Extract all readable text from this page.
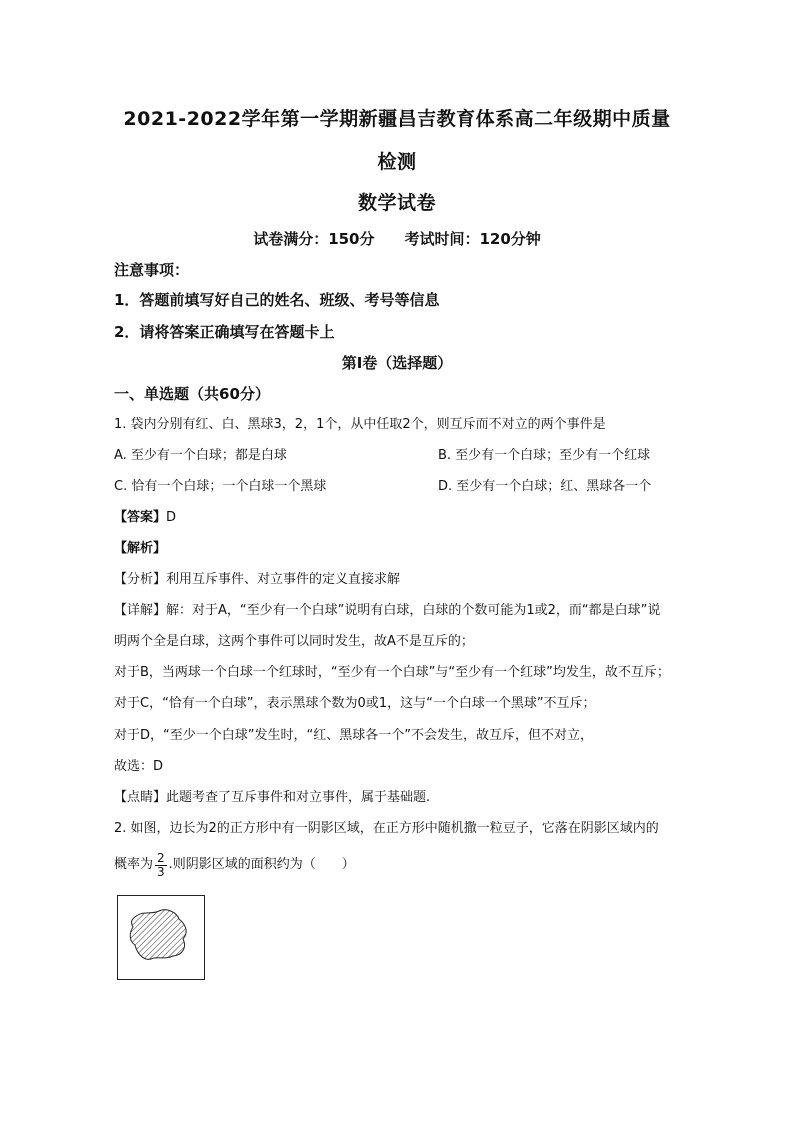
2021-2022学年第一学期新疆昌吉教育体系高二年级期中质量
检测
数学试卷
试卷满分：150分　　考试时间：120分钟
注意事项：
1．答题前填写好自己的姓名、班级、考号等信息
2．请将答案正确填写在答题卡上
第Ⅰ卷（选择题）
一、单选题（共60分）
1. 袋内分别有红、白、黑球3，2，1个，从中任取2个，则互斥而不对立的两个事件是
A. 至少有一个白球；都是白球	B. 至少有一个白球；至少有一个红球
C. 恰有一个白球；一个白球一个黑球	D. 至少有一个白球；红、黑球各一个
【答案】D
【解析】
【分析】利用互斥事件、对立事件的定义直接求解
【详解】解：对于A，“至少有一个白球”说明有白球，白球的个数可能为1或2，而“都是白球”说
明两个全是白球，这两个事件可以同时发生，故A不是互斥的；
对于B，当两球一个白球一个红球时，“至少有一个白球”与“至少有一个红球”均发生，故不互斥；
对于C，“恰有一个白球”，表示黑球个数为0或1，这与“一个白球一个黑球”不互斥；
对于D，“至少一个白球”发生时，“红、黑球各一个”不会发生，故互斥，但不对立，
故选：D
【点睛】此题考查了互斥事件和对立事件，属于基础题.
2. 如图，边长为2的正方形中有一阴影区域，在正方形中随机撒一粒豆子，它落在阴影区域内的
概率为 $\frac{2}{3}$ .则阴影区域的面积约为（　　）
